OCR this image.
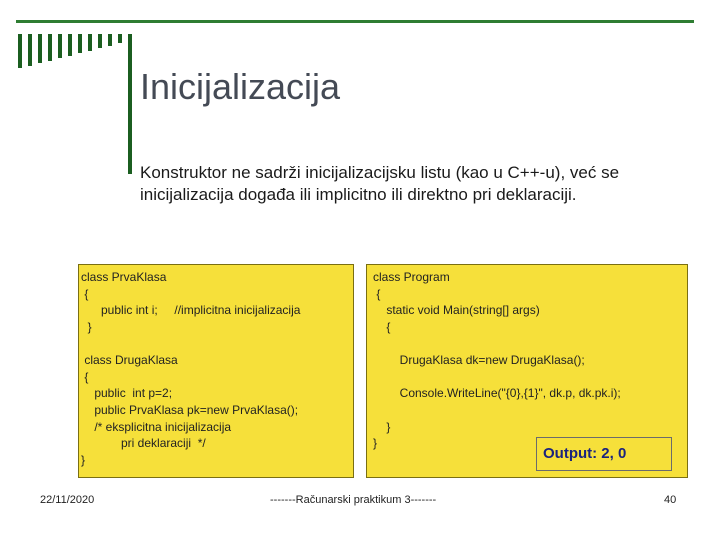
Inicijalizacija
Konstruktor ne sadrži inicijalizacijsku listu (kao u C++-u), već se inicijalizacija događa ili implicitno ili direktno pri deklaraciji.
class PrvaKlasa
{
public int i;     //implicitna inicijalizacija
}
class DrugaKlasa
{
public  int p=2;
public PrvaKlasa pk=new PrvaKlasa();
/* eksplicitna inicijalizacija
pri deklaraciji  */
}
class Program
{
static void Main(string[] args)
{
DrugaKlasa dk=new DrugaKlasa();
Console.WriteLine("{0},{1}", dk.p, dk.pk.i);
}
}
Output: 2, 0
22/11/2020	-------Računarski praktikum 3-------	40
